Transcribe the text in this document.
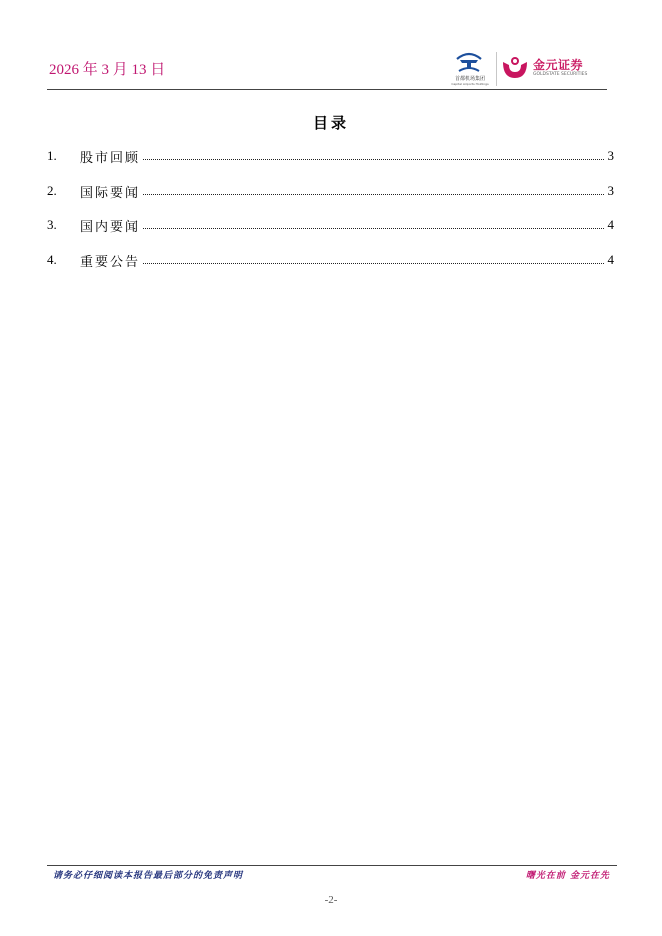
2026 年 3 月 13 日
首都机场集团
Capital Airports Holdings
金元证券
GOLDSTATE SECURITIES
目录
1. 股市回顾	3
2. 国际要闻	3
3. 国内要闻	4
4. 重要公告	4
请务必仔细阅读本报告最后部分的免责声明	曙光在前 金元在先
-2-
